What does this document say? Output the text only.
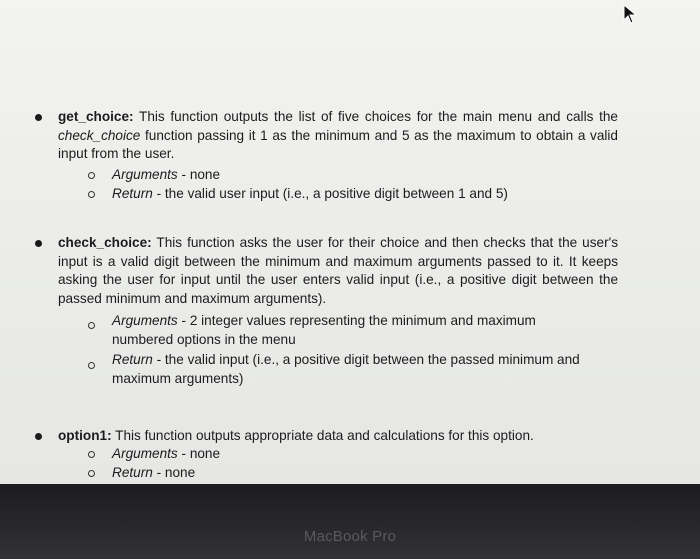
get_choice: This function outputs the list of five choices for the main menu and calls the check_choice function passing it 1 as the minimum and 5 as the maximum to obtain a valid input from the user.
Arguments - none
Return - the valid user input (i.e., a positive digit between 1 and 5)
check_choice: This function asks the user for their choice and then checks that the user's input is a valid digit between the minimum and maximum arguments passed to it. It keeps asking the user for input until the user enters valid input (i.e., a positive digit between the passed minimum and maximum arguments).
Arguments - 2 integer values representing the minimum and maximum numbered options in the menu
Return - the valid input (i.e., a positive digit between the passed minimum and maximum arguments)
option1: This function outputs appropriate data and calculations for this option.
Arguments - none
Return - none
MacBook Pro
